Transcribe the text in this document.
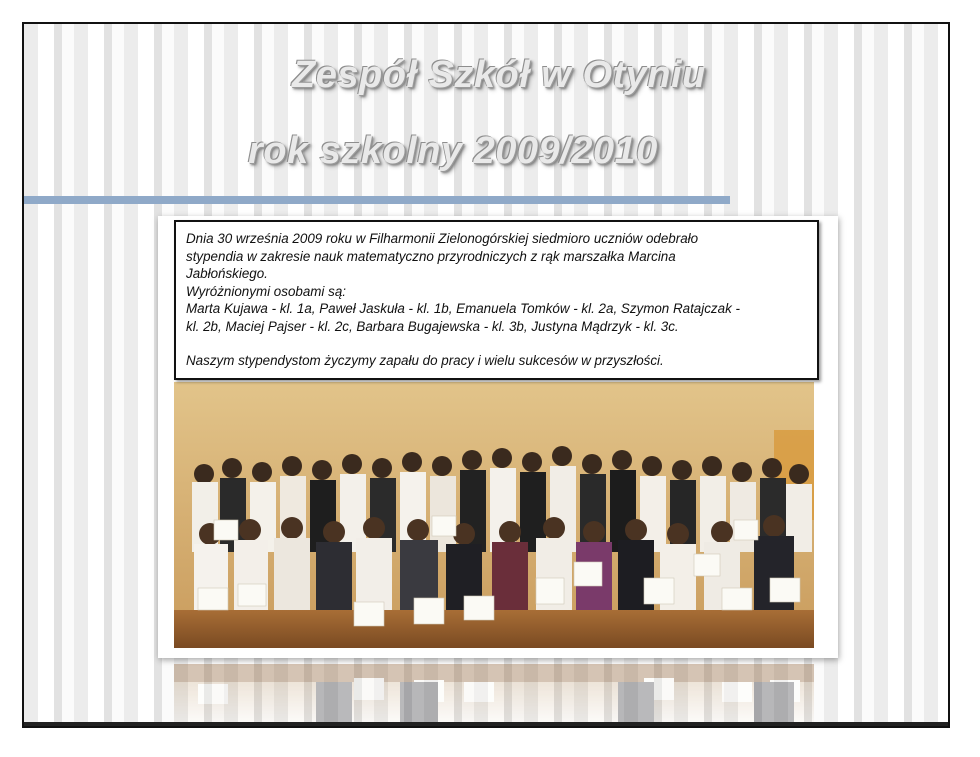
Zespół Szkół w Otyniu
rok szkolny 2009/2010

Dnia 30 września 2009 roku w Filharmonii Zielonogórskiej siedmioro uczniów odebrało

stypendia w zakresie nauk matematyczno przyrodniczych z rąk marszałka Marcina

Jabłońskiego.

Wyróżnionymi osobami są:

Marta Kujawa - kl. 1a, Paweł Jaskuła - kl. 1b, Emanuela Tomków - kl. 2a, Szymon Ratajczak -

kl. 2b, Maciej Pajser - kl. 2c, Barbara Bugajewska - kl. 3b, Justyna Mądrzyk - kl. 3c.

Naszym stypendystom życzymy zapału do pracy i wielu sukcesów w przyszłości.
